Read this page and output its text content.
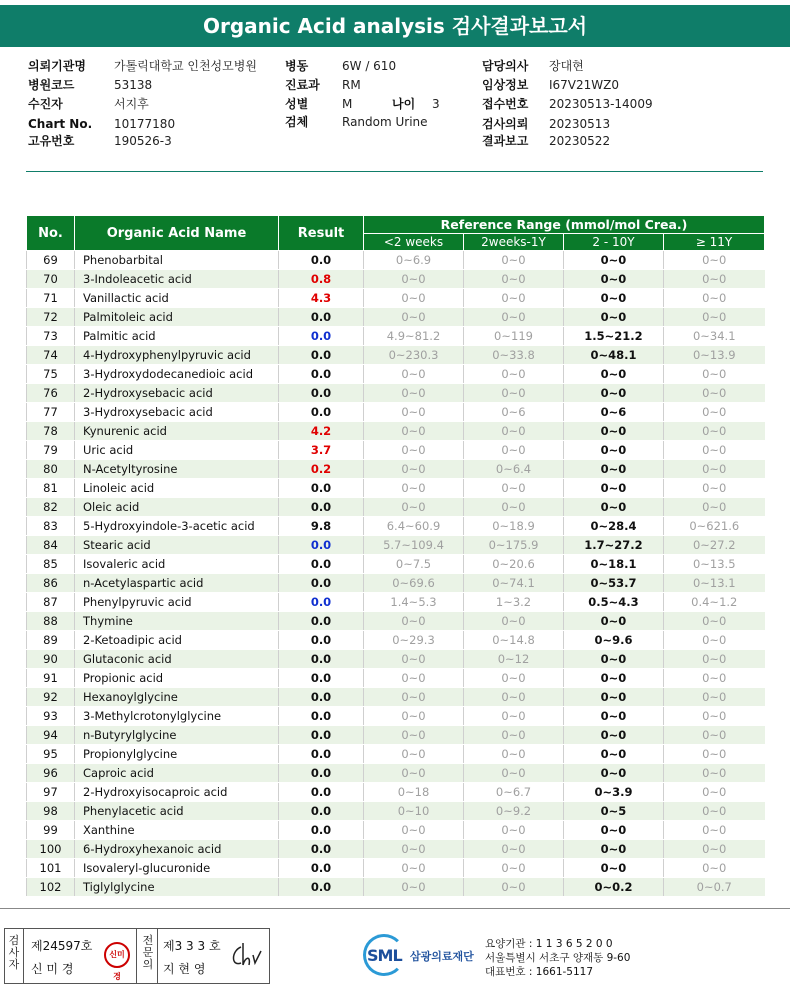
Organic Acid analysis 검사결과보고서
의뢰기관명 가톨릭대학교 인천성모병원
병원코드	53138
수진자	서지후
Chart No. 10177180
고유번호	190526-3
병동	6W / 610
진료과 RM
성별	M	나이 3
검체	Random Urine
담당의사 장대현
임상정보 I67V21WZ0
접수번호 20230513-14009
검사의뢰 20230513
결과보고 20230522
No.	Organic Acid Name	Result	Reference Range (mmol/mol Crea.)			
			<2 weeks	2weeks-1Y	2 - 10Y	≥ 11Y
69	Phenobarbital	0.0	0~6.9	0~0	0~0	0~0
70	3-Indoleacetic acid	0.8	0~0	0~0	0~0	0~0
71	Vanillactic acid	4.3	0~0	0~0	0~0	0~0
72	Palmitoleic acid	0.0	0~0	0~0	0~0	0~0
73	Palmitic acid	0.0	4.9~81.2	0~119	1.5~21.2	0~34.1
74	4-Hydroxyphenylpyruvic acid	0.0	0~230.3	0~33.8	0~48.1	0~13.9
75	3-Hydroxydodecanedioic acid	0.0	0~0	0~0	0~0	0~0
76	2-Hydroxysebacic acid	0.0	0~0	0~0	0~0	0~0
77	3-Hydroxysebacic acid	0.0	0~0	0~6	0~6	0~0
78	Kynurenic acid	4.2	0~0	0~0	0~0	0~0
79	Uric acid	3.7	0~0	0~0	0~0	0~0
80	N-Acetyltyrosine	0.2	0~0	0~6.4	0~0	0~0
81	Linoleic acid	0.0	0~0	0~0	0~0	0~0
82	Oleic acid	0.0	0~0	0~0	0~0	0~0
83	5-Hydroxyindole-3-acetic acid	9.8	6.4~60.9	0~18.9	0~28.4	0~621.6
84	Stearic acid	0.0	5.7~109.4	0~175.9	1.7~27.2	0~27.2
85	Isovaleric acid	0.0	0~7.5	0~20.6	0~18.1	0~13.5
86	n-Acetylaspartic acid	0.0	0~69.6	0~74.1	0~53.7	0~13.1
87	Phenylpyruvic acid	0.0	1.4~5.3	1~3.2	0.5~4.3	0.4~1.2
88	Thymine	0.0	0~0	0~0	0~0	0~0
89	2-Ketoadipic acid	0.0	0~29.3	0~14.8	0~9.6	0~0
90	Glutaconic acid	0.0	0~0	0~12	0~0	0~0
91	Propionic acid	0.0	0~0	0~0	0~0	0~0
92	Hexanoylglycine	0.0	0~0	0~0	0~0	0~0
93	3-Methylcrotonylglycine	0.0	0~0	0~0	0~0	0~0
94	n-Butyrylglycine	0.0	0~0	0~0	0~0	0~0
95	Propionylglycine	0.0	0~0	0~0	0~0	0~0
96	Caproic acid	0.0	0~0	0~0	0~0	0~0
97	2-Hydroxyisocaproic acid	0.0	0~18	0~6.7	0~3.9	0~0
98	Phenylacetic acid	0.0	0~10	0~9.2	0~5	0~0
99	Xanthine	0.0	0~0	0~0	0~0	0~0
100	6-Hydroxyhexanoic acid	0.0	0~0	0~0	0~0	0~0
101	Isovaleryl-glucuronide	0.0	0~0	0~0	0~0	0~0
102	Tiglylglycine	0.0	0~0	0~0	0~0.2	0~0.7
검
사
자
제24597호
신 미 경
신미경
전
문
의
제3 3 3 호
지 현 영
SML 삼광의료재단
요양기관 : 1 1 3 6 5 2 0 0
서울특별시 서초구 양재동 9-60
대표번호 : 1661-5117
